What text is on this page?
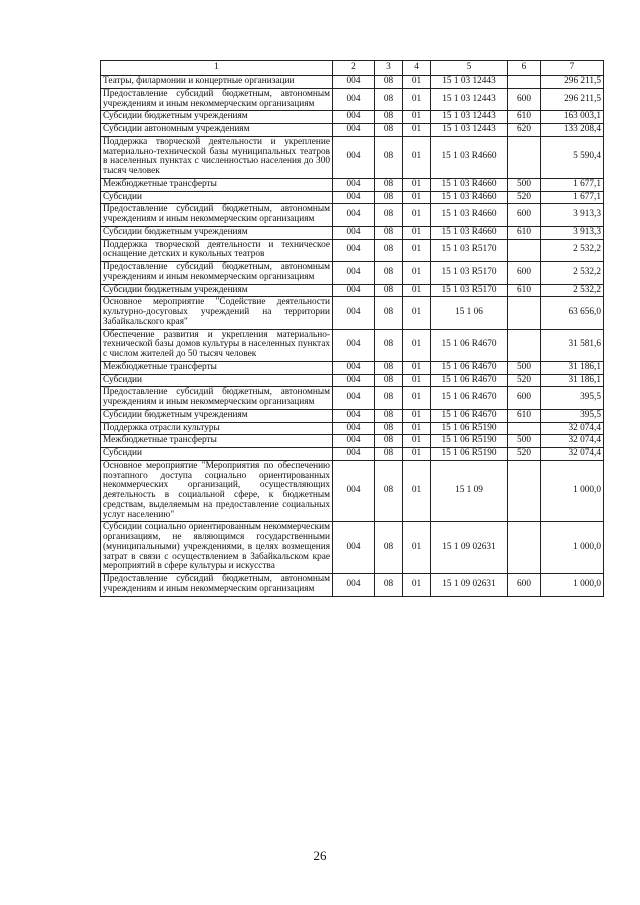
1	2	3	4	5	6	7
Театры, филармонии и концертные организации	004	08	01	15 1 03 12443		296 211,5
Предоставление субсидий бюджетным, автономным учреждениям и иным некоммерческим организациям	004	08	01	15 1 03 12443	600	296 211,5
Субсидии бюджетным учреждениям	004	08	01	15 1 03 12443	610	163 003,1
Субсидии автономным учреждениям	004	08	01	15 1 03 12443	620	133 208,4
Поддержка творческой деятельности и укрепление материально-технической базы муниципальных театров в населенных пунктах с численностью населения до 300 тысяч человек	004	08	01	15 1 03 R4660		5 590,4
Межбюджетные трансферты	004	08	01	15 1 03 R4660	500	1 677,1
Субсидии	004	08	01	15 1 03 R4660	520	1 677,1
Предоставление субсидий бюджетным, автономным учреждениям и иным некоммерческим организациям	004	08	01	15 1 03 R4660	600	3 913,3
Субсидии бюджетным учреждениям	004	08	01	15 1 03 R4660	610	3 913,3
Поддержка творческой деятельности и техническое оснащение детских и кукольных театров	004	08	01	15 1 03 R5170		2 532,2
Предоставление субсидий бюджетным, автономным учреждениям и иным некоммерческим организациям	004	08	01	15 1 03 R5170	600	2 532,2
Субсидии бюджетным учреждениям	004	08	01	15 1 03 R5170	610	2 532,2
Основное мероприятие "Содействие деятельности культурно-досуговых учреждений на территории Забайкальского края"	004	08	01	15 1 06		63 656,0
Обеспечение развития и укрепления материально-технической базы домов культуры в населенных пунктах с числом жителей до 50 тысяч человек	004	08	01	15 1 06 R4670		31 581,6
Межбюджетные трансферты	004	08	01	15 1 06 R4670	500	31 186,1
Субсидии	004	08	01	15 1 06 R4670	520	31 186,1
Предоставление субсидий бюджетным, автономным учреждениям и иным некоммерческим организациям	004	08	01	15 1 06 R4670	600	395,5
Субсидии бюджетным учреждениям	004	08	01	15 1 06 R4670	610	395,5
Поддержка отрасли культуры	004	08	01	15 1 06 R5190		32 074,4
Межбюджетные трансферты	004	08	01	15 1 06 R5190	500	32 074,4
Субсидии	004	08	01	15 1 06 R5190	520	32 074,4
Основное мероприятие "Мероприятия по обеспечению поэтапного доступа социально ориентированных некоммерческих организаций, осуществляющих деятельность в социальной сфере, к бюджетным средствам, выделяемым на предоставление социальных услуг населению"	004	08	01	15 1 09		1 000,0
Субсидии социально ориентированным некоммерческим организациям, не являющимся государственными (муниципальными) учреждениями, в целях возмещения затрат в связи с осуществлением в Забайкальском крае мероприятий в сфере культуры и искусства	004	08	01	15 1 09 02631		1 000,0
Предоставление субсидий бюджетным, автономным учреждениям и иным некоммерческим организациям	004	08	01	15 1 09 02631	600	1 000,0
26
